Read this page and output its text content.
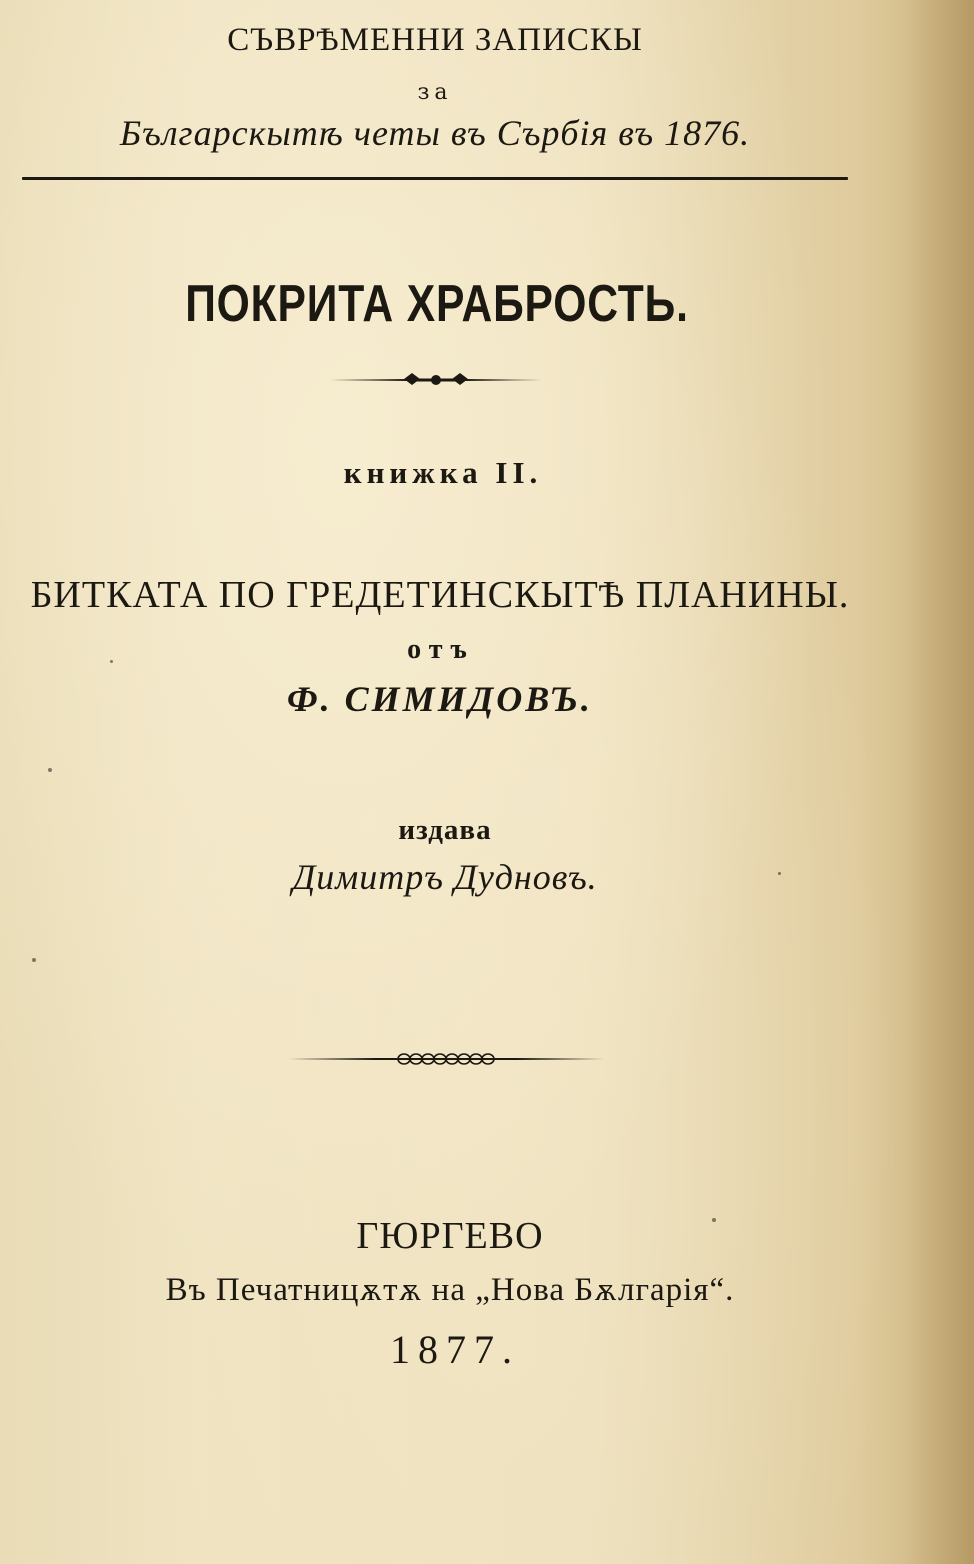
СЪВРѢМЕННИ ЗАПИСКЫ
за
Българскытѣ четы въ Сърбія въ 1876.
ПОКРИТА ХРАБРОСТЬ.
книжка II.
БИТКАТА ПО ГРЕДЕТИНСКЫТѢ ПЛАНИНЫ.
отъ
Ф. СИМИДОВЪ.
издава
Димитръ Дудновъ.
ГЮРГЕВО
Въ Печатницѫтѫ на „Нова Бѫлгарія“.
1877.
